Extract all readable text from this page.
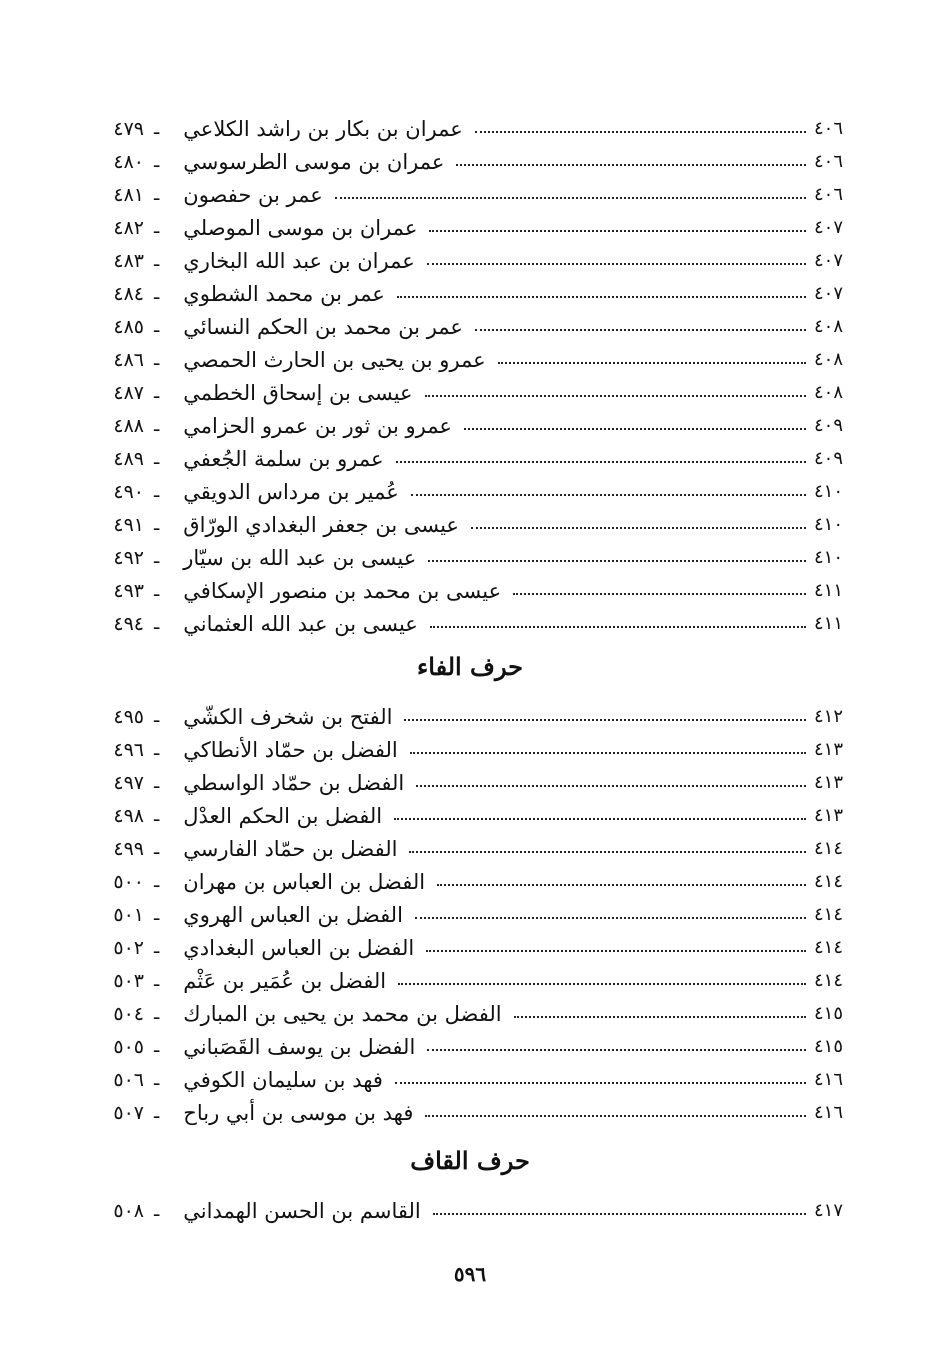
٤٧٩ ـ	عمران بن بكار بن راشد الكلاعي	٤٠٦
٤٨٠ ـ	عمران بن موسى الطرسوسي	٤٠٦
٤٨١ ـ	عمر بن حفصون	٤٠٦
٤٨٢ ـ	عمران بن موسى الموصلي	٤٠٧
٤٨٣ ـ	عمران بن عبد الله البخاري	٤٠٧
٤٨٤ ـ	عمر بن محمد الشطوي	٤٠٧
٤٨٥ ـ	عمر بن محمد بن الحكم النسائي	٤٠٨
٤٨٦ ـ	عمرو بن يحيى بن الحارث الحمصي	٤٠٨
٤٨٧ ـ	عيسى بن إسحاق الخطمي	٤٠٨
٤٨٨ ـ	عمرو بن ثور بن عمرو الحزامي	٤٠٩
٤٨٩ ـ	عمرو بن سلمة الجُعفي	٤٠٩
٤٩٠ ـ	عُمير بن مرداس الدويقي	٤١٠
٤٩١ ـ	عيسى بن جعفر البغدادي الورّاق	٤١٠
٤٩٢ ـ	عيسى بن عبد الله بن سيّار	٤١٠
٤٩٣ ـ	عيسى بن محمد بن منصور الإسكافي	٤١١
٤٩٤ ـ	عيسى بن عبد الله العثماني	٤١١
حرف الفاء
٤٩٥ ـ	الفتح بن شخرف الكشّي	٤١٢
٤٩٦ ـ	الفضل بن حمّاد الأنطاكي	٤١٣
٤٩٧ ـ	الفضل بن حمّاد الواسطي	٤١٣
٤٩٨ ـ	الفضل بن الحكم العدْل	٤١٣
٤٩٩ ـ	الفضل بن حمّاد الفارسي	٤١٤
٥٠٠ ـ	الفضل بن العباس بن مهران	٤١٤
٥٠١ ـ	الفضل بن العباس الهروي	٤١٤
٥٠٢ ـ	الفضل بن العباس البغدادي	٤١٤
٥٠٣ ـ	الفضل بن عُمَير بن عَثْم	٤١٤
٥٠٤ ـ	الفضل بن محمد بن يحيى بن المبارك	٤١٥
٥٠٥ ـ	الفضل بن يوسف القَصَباني	٤١٥
٥٠٦ ـ	فهد بن سليمان الكوفي	٤١٦
٥٠٧ ـ	فهد بن موسى بن أبي رباح	٤١٦
حرف القاف
٥٠٨ ـ	القاسم بن الحسن الهمداني	٤١٧
٥٩٦
